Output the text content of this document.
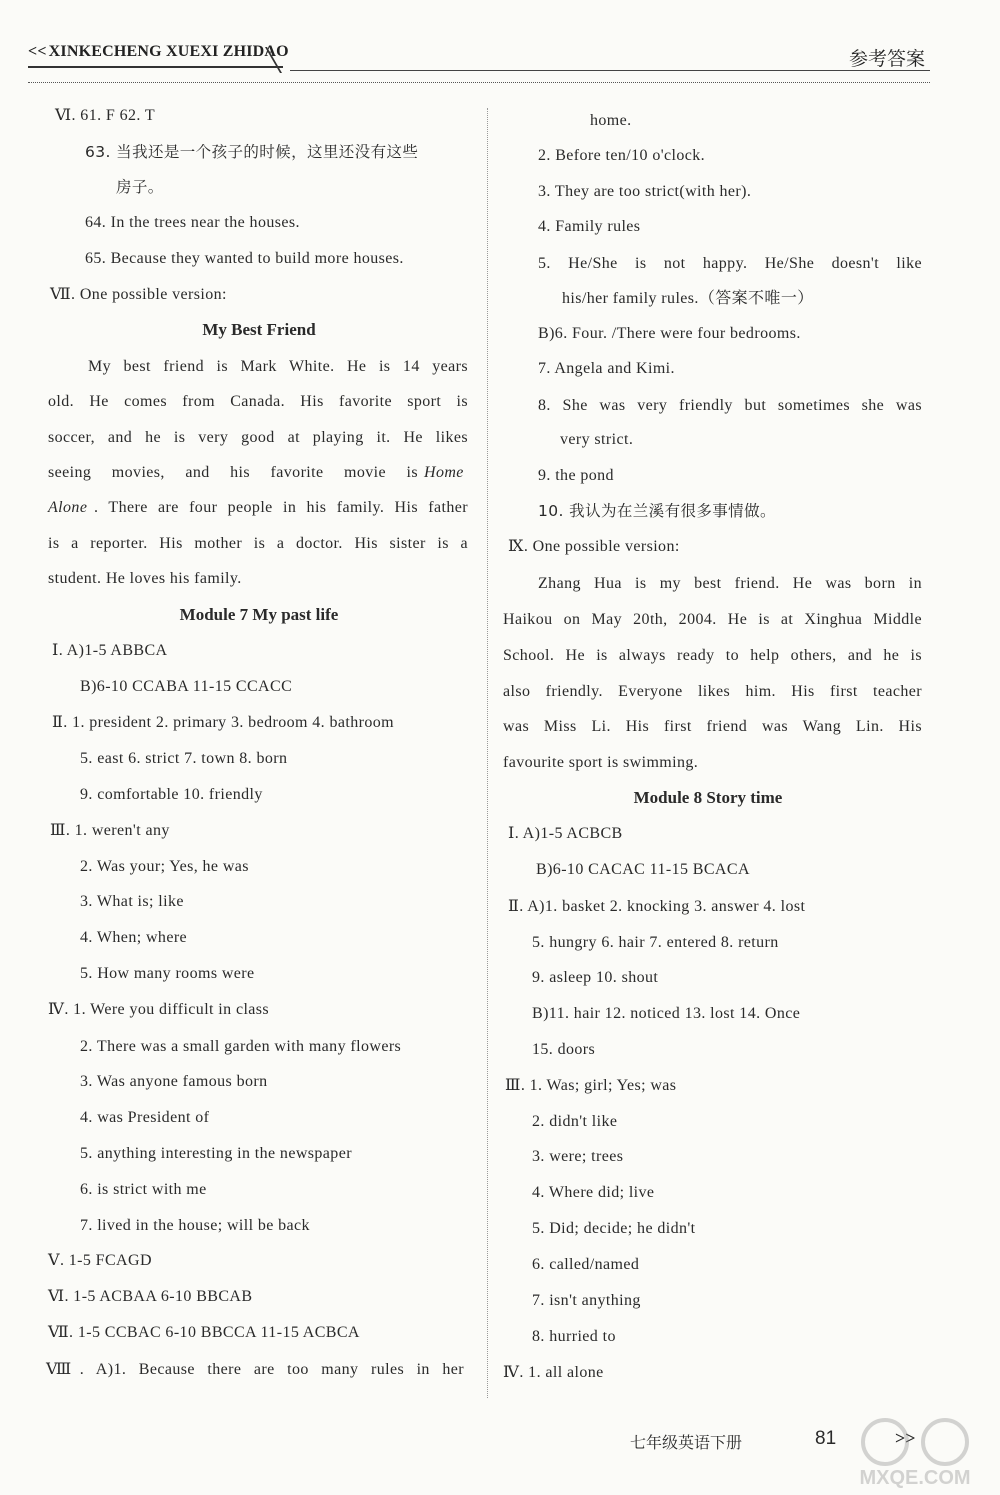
<< XINKECHENG XUEXI ZHIDAO	参考答案
Ⅵ. 61. F 62. T
63. 当我还是一个孩子的时候，这里还没有这些
房子。
64. In the trees near the houses.
65. Because they wanted to build more houses.
Ⅶ. One possible version:
My Best Friend
My best friend is Mark White. He is 14 years
old. He comes from Canada. His favorite sport is
soccer, and he is very good at playing it. He likes
seeing movies, and his favorite movie is Home
Alone . There are four people in his family. His father
is a reporter. His mother is a doctor. His sister is a
student. He loves his family.
Module 7 My past life
Ⅰ. A)1-5 ABBCA
B)6-10 CCABA 11-15 CCACC
Ⅱ. 1. president 2. primary 3. bedroom 4. bathroom
5. east 6. strict 7. town 8. born
9. comfortable 10. friendly
Ⅲ. 1. weren't any
2. Was your; Yes, he was
3. What is; like
4. When; where
5. How many rooms were
Ⅳ. 1. Were you difficult in class
2. There was a small garden with many flowers
3. Was anyone famous born
4. was President of
5. anything interesting in the newspaper
6. is strict with me
7. lived in the house; will be back
Ⅴ. 1-5 FCAGD
Ⅵ. 1-5 ACBAA 6-10 BBCAB
Ⅶ. 1-5 CCBAC 6-10 BBCCA 11-15 ACBCA
Ⅷ. A)1. Because there are too many rules in her
home.
2. Before ten/10 o'clock.
3. They are too strict(with her).
4. Family rules
5. He/She is not happy. He/She doesn't like
his/her family rules.（答案不唯一）
B)6. Four. /There were four bedrooms.
7. Angela and Kimi.
8. She was very friendly but sometimes she was
very strict.
9. the pond
10. 我认为在兰溪有很多事情做。
Ⅸ. One possible version:
Zhang Hua is my best friend. He was born in
Haikou on May 20th, 2004. He is at Xinghua Middle
School. He is always ready to help others, and he is
also friendly. Everyone likes him. His first teacher
was Miss Li. His first friend was Wang Lin. His
favourite sport is swimming.
Module 8 Story time
Ⅰ. A)1-5 ACBCB
B)6-10 CACAC 11-15 BCACA
Ⅱ. A)1. basket 2. knocking 3. answer 4. lost
5. hungry 6. hair 7. entered 8. return
9. asleep 10. shout
B)11. hair 12. noticed 13. lost 14. Once
15. doors
Ⅲ. 1. Was; girl; Yes; was
2. didn't like
3. were; trees
4. Where did; live
5. Did; decide; he didn't
6. called/named
7. isn't anything
8. hurried to
Ⅳ. 1. all alone
七年级英语下册	81	>>
MXQE.COM
